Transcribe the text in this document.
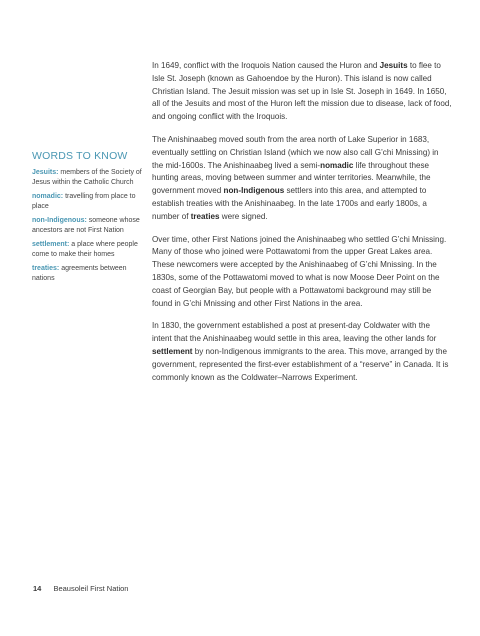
WORDS TO KNOW
Jesuits: members of the Society of Jesus within the Catholic Church
nomadic: travelling from place to place
non-Indigenous: someone whose ancestors are not First Nation
settlement: a place where people come to make their homes
treaties: agreements between nations

In 1649, conflict with the Iroquois Nation caused the Huron and Jesuits to flee to Isle St. Joseph (known as Gahoendoe by the Huron). This island is now called Christian Island. The Jesuit mission was set up in Isle St. Joseph in 1649. In 1650, all of the Jesuits and most of the Huron left the mission due to disease, lack of food, and ongoing conflict with the Iroquois.

The Anishinaabeg moved south from the area north of Lake Superior in 1683, eventually settling on Christian Island (which we now also call G’chi Mnissing) in the mid-1600s. The Anishinaabeg lived a semi-nomadic life throughout these hunting areas, moving between summer and winter territories. Meanwhile, the government moved non-Indigenous settlers into this area, and attempted to establish treaties with the Anishinaabeg. In the late 1700s and early 1800s, a number of treaties were signed.

Over time, other First Nations joined the Anishinaabeg who settled G’chi Mnissing. Many of those who joined were Pottawatomi from the upper Great Lakes area. These newcomers were accepted by the Anishinaabeg of G’chi Mnissing. In the 1830s, some of the Pottawatomi moved to what is now Moose Deer Point on the coast of Georgian Bay, but people with a Pottawatomi background may still be found in G’chi Mnissing and other First Nations in the area.

In 1830, the government established a post at present-day Coldwater with the intent that the Anishinaabeg would settle in this area, leaving the other lands for settlement by non-Indigenous immigrants to the area. This move, arranged by the government, represented the first-ever establishment of a “reserve” in Canada. It is commonly known as the Coldwater–Narrows Experiment.

14 Beausoleil First Nation
